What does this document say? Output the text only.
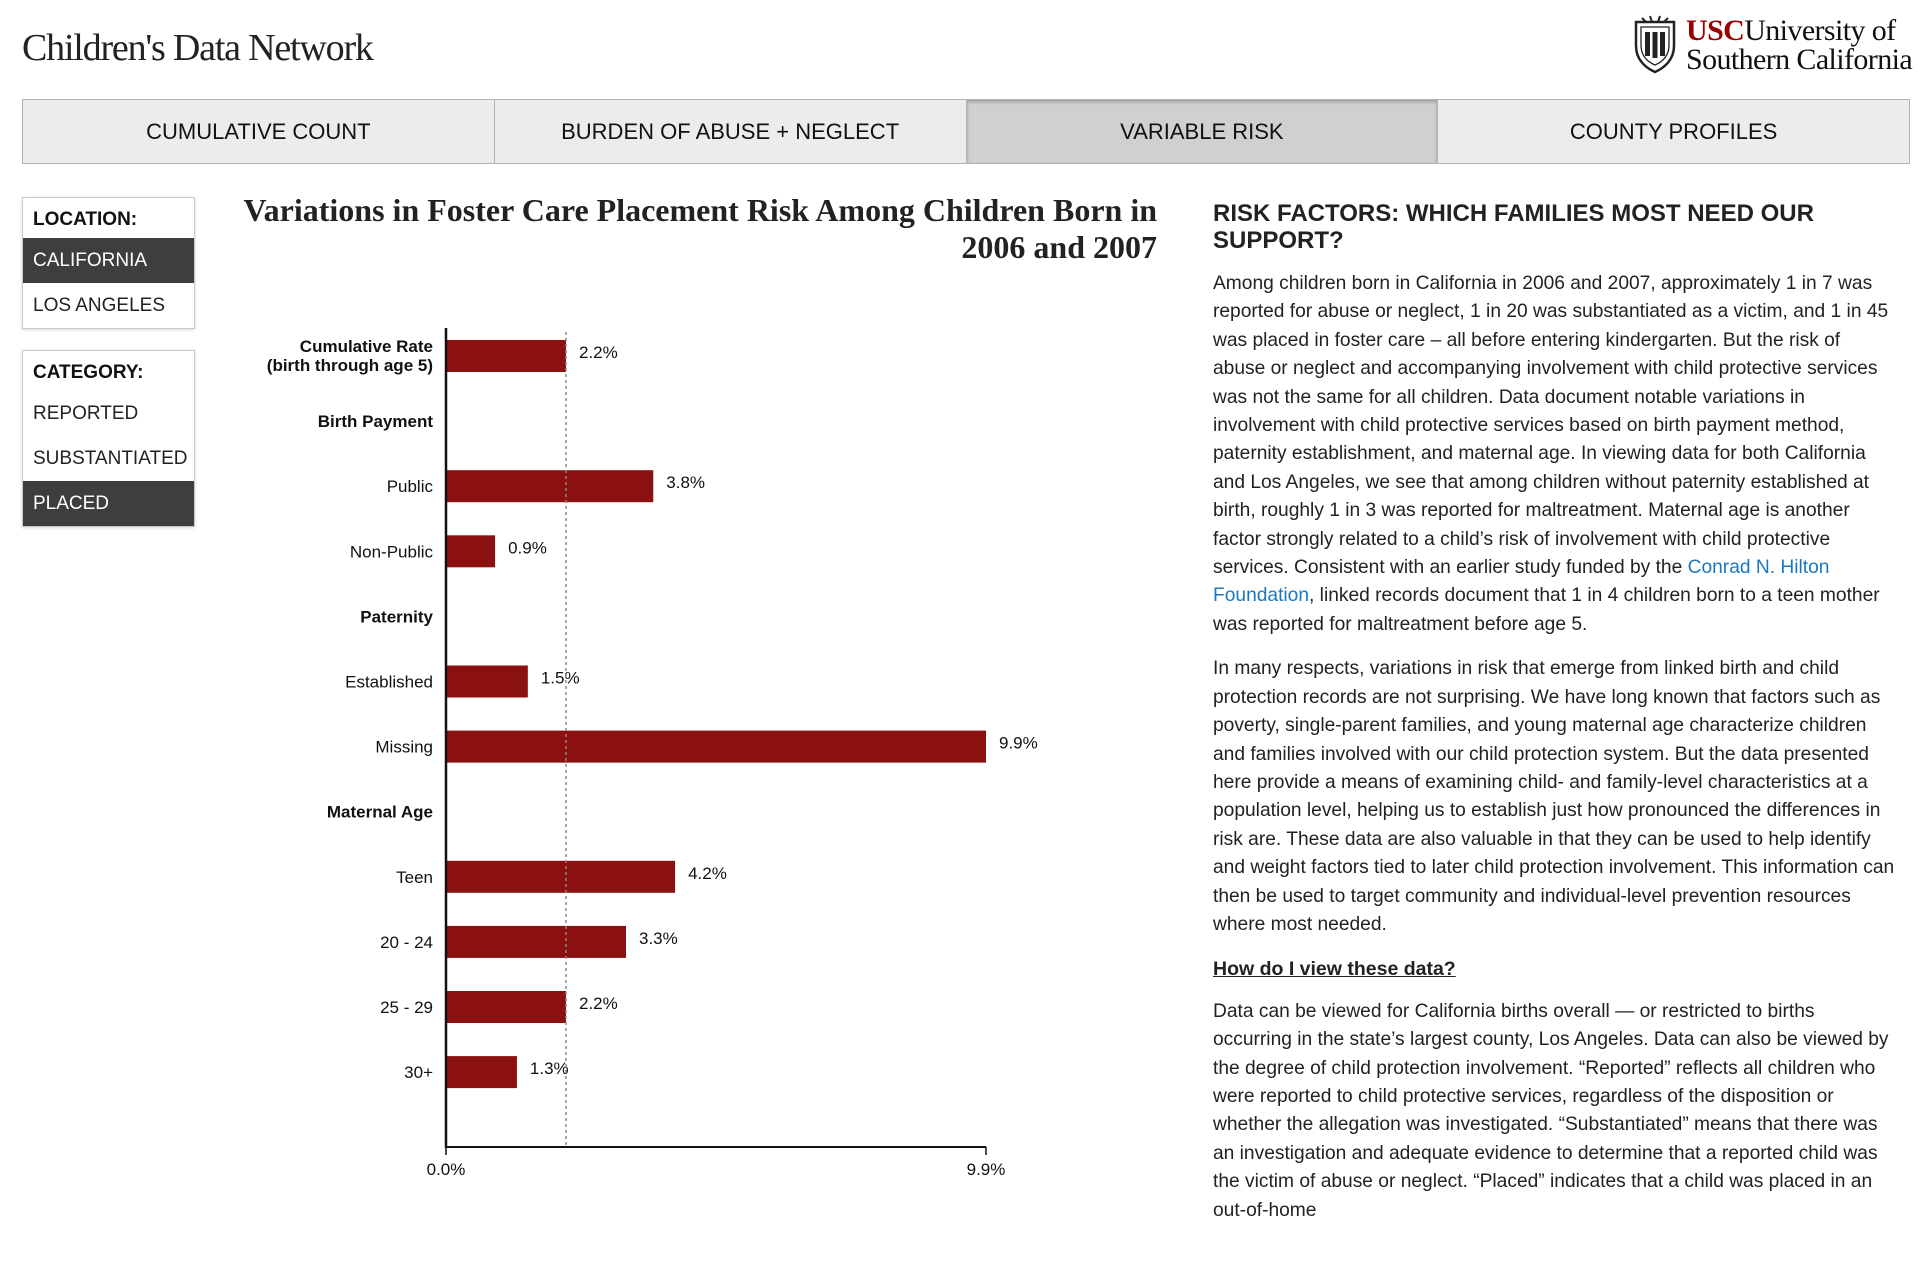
Children's Data Network	USCUniversity of
Southern California
CUMULATIVE COUNT	BURDEN OF ABUSE + NEGLECT	VARIABLE RISK	COUNTY PROFILES
LOCATION:
CALIFORNIA
LOS ANGELES
CATEGORY:
REPORTED
SUBSTANTIATED
PLACED
Variations in Foster Care Placement Risk Among Children Born in 2006 and 2007
Cumulative Rate
(birth through age 5)
2.2%
Birth Payment
Public	3.8%
Non-Public	0.9%
Paternity
Established	1.5%
Missing	9.9%
Maternal Age
Teen	4.2%
20 - 24	3.3%
25 - 29	2.2%
30+	1.3%
0.0%	9.9%
RISK FACTORS: WHICH FAMILIES MOST NEED OUR SUPPORT?

Among children born in California in 2006 and 2007, approximately 1 in 7 was reported for abuse or neglect, 1 in 20 was substantiated as a victim, and 1 in 45 was placed in foster care – all before entering kindergarten. But the risk of abuse or neglect and accompanying involvement with child protective services was not the same for all children. Data document notable variations in involvement with child protective services based on birth payment method, paternity establishment, and maternal age. In viewing data for both California and Los Angeles, we see that among children without paternity established at birth, roughly 1 in 3 was reported for maltreatment. Maternal age is another factor strongly related to a child’s risk of involvement with child protective services. Consistent with an earlier study funded by the Conrad N. Hilton Foundation, linked records document that 1 in 4 children born to a teen mother was reported for maltreatment before age 5.

In many respects, variations in risk that emerge from linked birth and child protection records are not surprising. We have long known that factors such as poverty, single-parent families, and young maternal age characterize children and families involved with our child protection system. But the data presented here provide a means of examining child- and family-level characteristics at a population level, helping us to establish just how pronounced the differences in risk are. These data are also valuable in that they can be used to help identify and weight factors tied to later child protection involvement. This information can then be used to target community and individual-level prevention resources where most needed.

How do I view these data?

Data can be viewed for California births overall — or restricted to births occurring in the state’s largest county, Los Angeles. Data can also be viewed by the degree of child protection involvement. “Reported” reflects all children who were reported to child protective services, regardless of the disposition or whether the allegation was investigated. “Substantiated” means that there was an investigation and adequate evidence to determine that a reported child was the victim of abuse or neglect. “Placed” indicates that a child was placed in an out-of-home
